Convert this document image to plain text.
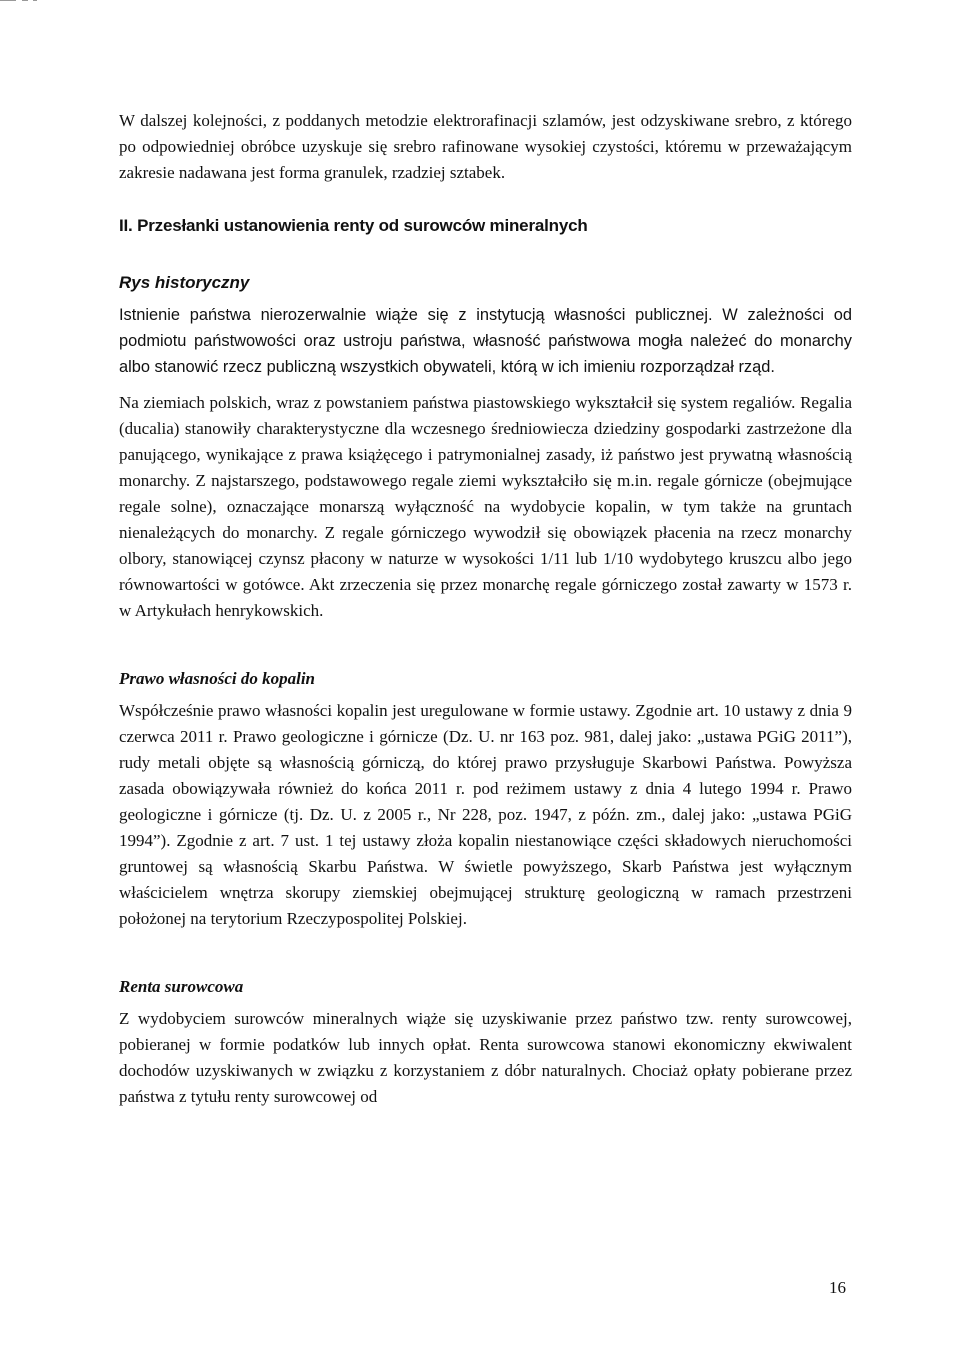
W dalszej kolejności, z poddanych metodzie elektrorafinacji szlamów, jest odzyskiwane srebro, z którego po odpowiedniej obróbce uzyskuje się srebro rafinowane wysokiej czystości, któremu w przeważającym zakresie nadawana jest forma granulek, rzadziej sztabek.

II. Przesłanki ustanowienia renty od surowców mineralnych
Rys historyczny

Istnienie państwa nierozerwalnie wiąże się z instytucją własności publicznej. W zależności od podmiotu państwowości oraz ustroju państwa, własność państwowa mogła należeć do monarchy albo stanowić rzecz publiczną wszystkich obywateli, którą w ich imieniu rozporządzał rząd.

Na ziemiach polskich, wraz z powstaniem państwa piastowskiego wykształcił się system regaliów. Regalia (ducalia) stanowiły charakterystyczne dla wczesnego średniowiecza dziedziny gospodarki zastrzeżone dla panującego, wynikające z prawa książęcego i patrymonialnej zasady, iż państwo jest prywatną własnością monarchy. Z najstarszego, podstawowego regale ziemi wykształciło się m.in. regale górnicze (obejmujące regale solne), oznaczające monarszą wyłączność na wydobycie kopalin, w tym także na gruntach nienależących do monarchy. Z regale górniczego wywodził się obowiązek płacenia na rzecz monarchy olbory, stanowiącej czynsz płacony w naturze w wysokości 1/11 lub 1/10 wydobytego kruszcu albo jego równowartości w gotówce. Akt zrzeczenia się przez monarchę regale górniczego został zawarty w 1573 r. w Artykułach henrykowskich.

Prawo własności do kopalin

Współcześnie prawo własności kopalin jest uregulowane w formie ustawy. Zgodnie art. 10 ustawy z dnia 9 czerwca 2011 r. Prawo geologiczne i górnicze (Dz. U. nr 163 poz. 981, dalej jako: „ustawa PGiG 2011”), rudy metali objęte są własnością górniczą, do której prawo przysługuje Skarbowi Państwa. Powyższa zasada obowiązywała również do końca 2011 r. pod reżimem ustawy z dnia 4 lutego 1994 r. Prawo geologiczne i górnicze (tj. Dz. U. z 2005 r., Nr 228, poz. 1947, z późn. zm., dalej jako: „ustawa PGiG 1994”). Zgodnie z art. 7 ust. 1 tej ustawy złoża kopalin niestanowiące części składowych nieruchomości gruntowej są własnością Skarbu Państwa. W świetle powyższego, Skarb Państwa jest wyłącznym właścicielem wnętrza skorupy ziemskiej obejmującej strukturę geologiczną w ramach przestrzeni położonej na terytorium Rzeczypospolitej Polskiej.

Renta surowcowa

Z wydobyciem surowców mineralnych wiąże się uzyskiwanie przez państwo tzw. renty surowcowej, pobieranej w formie podatków lub innych opłat. Renta surowcowa stanowi ekonomiczny ekwiwalent dochodów uzyskiwanych w związku z korzystaniem z dóbr naturalnych. Chociaż opłaty pobierane przez państwa z tytułu renty surowcowej od

16
